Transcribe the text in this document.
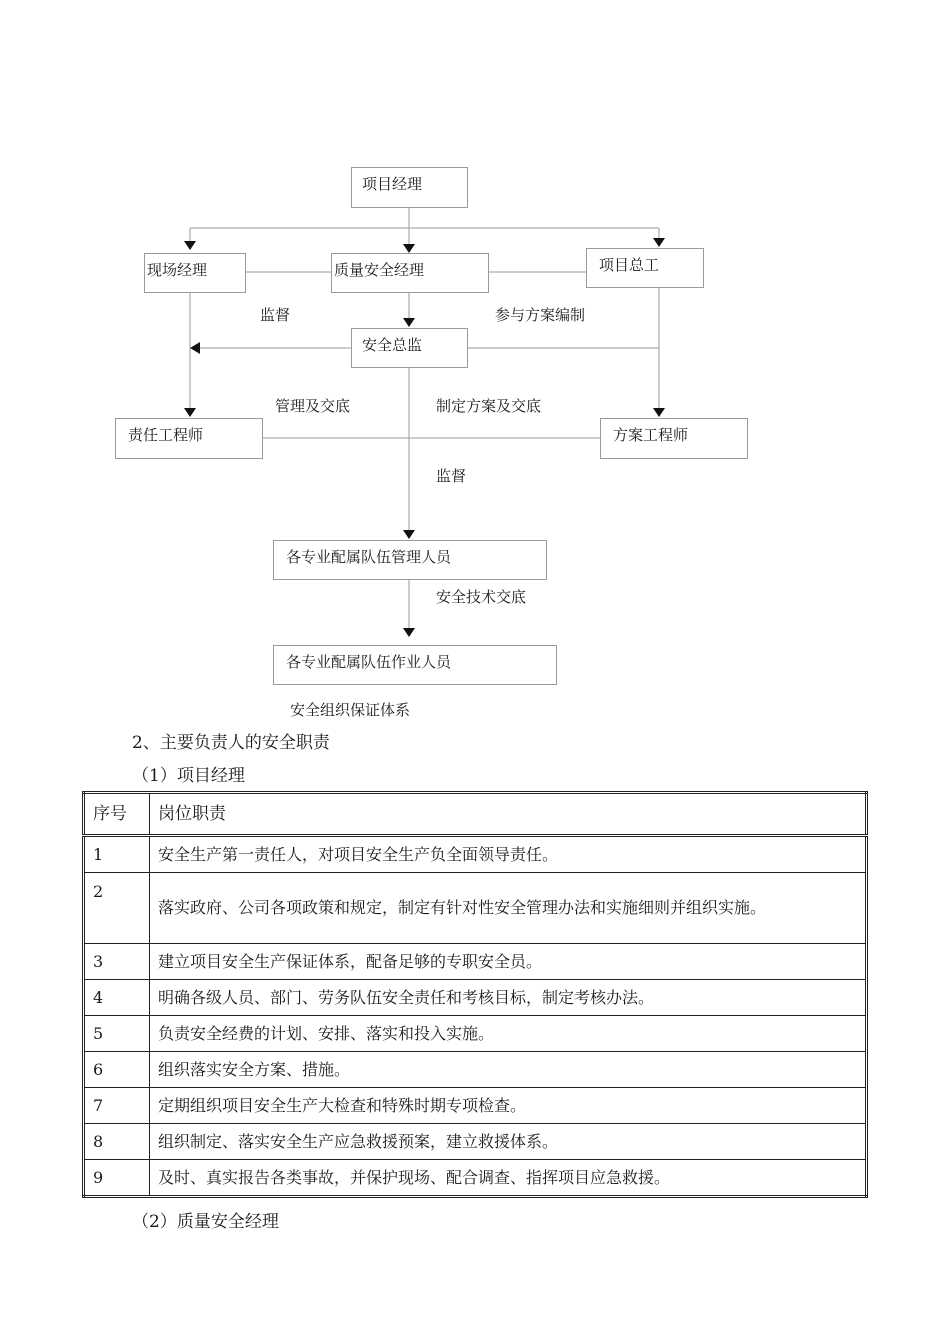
项目经理
现场经理	质量安全经理	项目总工
安全总监
责任工程师	方案工程师
各专业配属队伍管理人员
各专业配属队伍作业人员
监督	参与方案编制
管理及交底	制定方案及交底
监督
安全技术交底
安全组织保证体系
2、主要负责人的安全职责
（1）项目经理
序号	岗位职责
1	安全生产第一责任人，对项目安全生产负全面领导责任。
2	落实政府、公司各项政策和规定，制定有针对性安全管理办法和实施细则并组织实施。
3	建立项目安全生产保证体系，配备足够的专职安全员。
4	明确各级人员、部门、劳务队伍安全责任和考核目标，制定考核办法。
5	负责安全经费的计划、安排、落实和投入实施。
6	组织落实安全方案、措施。
7	定期组织项目安全生产大检查和特殊时期专项检查。
8	组织制定、落实安全生产应急救援预案，建立救援体系。
9	及时、真实报告各类事故，并保护现场、配合调查、指挥项目应急救援。
（2）质量安全经理
